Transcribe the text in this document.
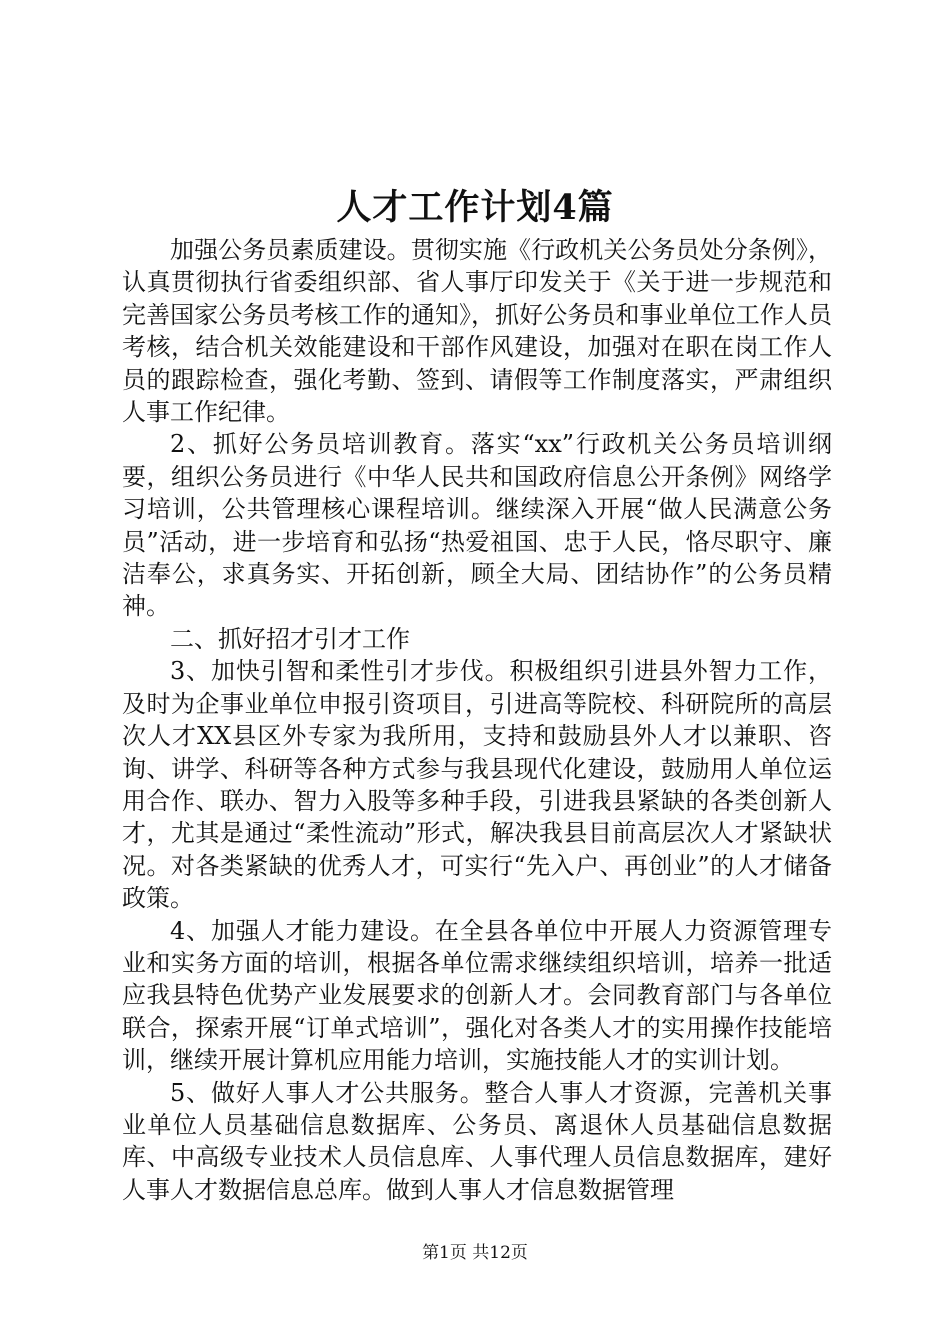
人才工作计划4篇

加强公务员素质建设。贯彻实施《行政机关公务员处分条例》，认真贯彻执行省委组织部、省人事厅印发关于《关于进一步规范和完善国家公务员考核工作的通知》，抓好公务员和事业单位工作人员考核，结合机关效能建设和干部作风建设，加强对在职在岗工作人员的跟踪检查，强化考勤、签到、请假等工作制度落实，严肃组织人事工作纪律。

2、抓好公务员培训教育。落实“xx”行政机关公务员培训纲要，组织公务员进行《中华人民共和国政府信息公开条例》网络学习培训，公共管理核心课程培训。继续深入开展“做人民满意公务员”活动，进一步培育和弘扬“热爱祖国、忠于人民，恪尽职守、廉洁奉公，求真务实、开拓创新，顾全大局、团结协作”的公务员精神。

二、抓好招才引才工作

3、加快引智和柔性引才步伐。积极组织引进县外智力工作，及时为企事业单位申报引资项目，引进高等院校、科研院所的高层次人才XX县区外专家为我所用，支持和鼓励县外人才以兼职、咨询、讲学、科研等各种方式参与我县现代化建设，鼓励用人单位运用合作、联办、智力入股等多种手段，引进我县紧缺的各类创新人才，尤其是通过“柔性流动”形式，解决我县目前高层次人才紧缺状况。对各类紧缺的优秀人才，可实行“先入户、再创业”的人才储备政策。

4、加强人才能力建设。在全县各单位中开展人力资源管理专业和实务方面的培训，根据各单位需求继续组织培训，培养一批适应我县特色优势产业发展要求的创新人才。会同教育部门与各单位联合，探索开展“订单式培训”，强化对各类人才的实用操作技能培训，继续开展计算机应用能力培训，实施技能人才的实训计划。

5、做好人事人才公共服务。整合人事人才资源，完善机关事业单位人员基础信息数据库、公务员、离退休人员基础信息数据库、中高级专业技术人员信息库、人事代理人员信息数据库，建好人事人才数据信息总库。做到人事人才信息数据管理

第1页 共12页
